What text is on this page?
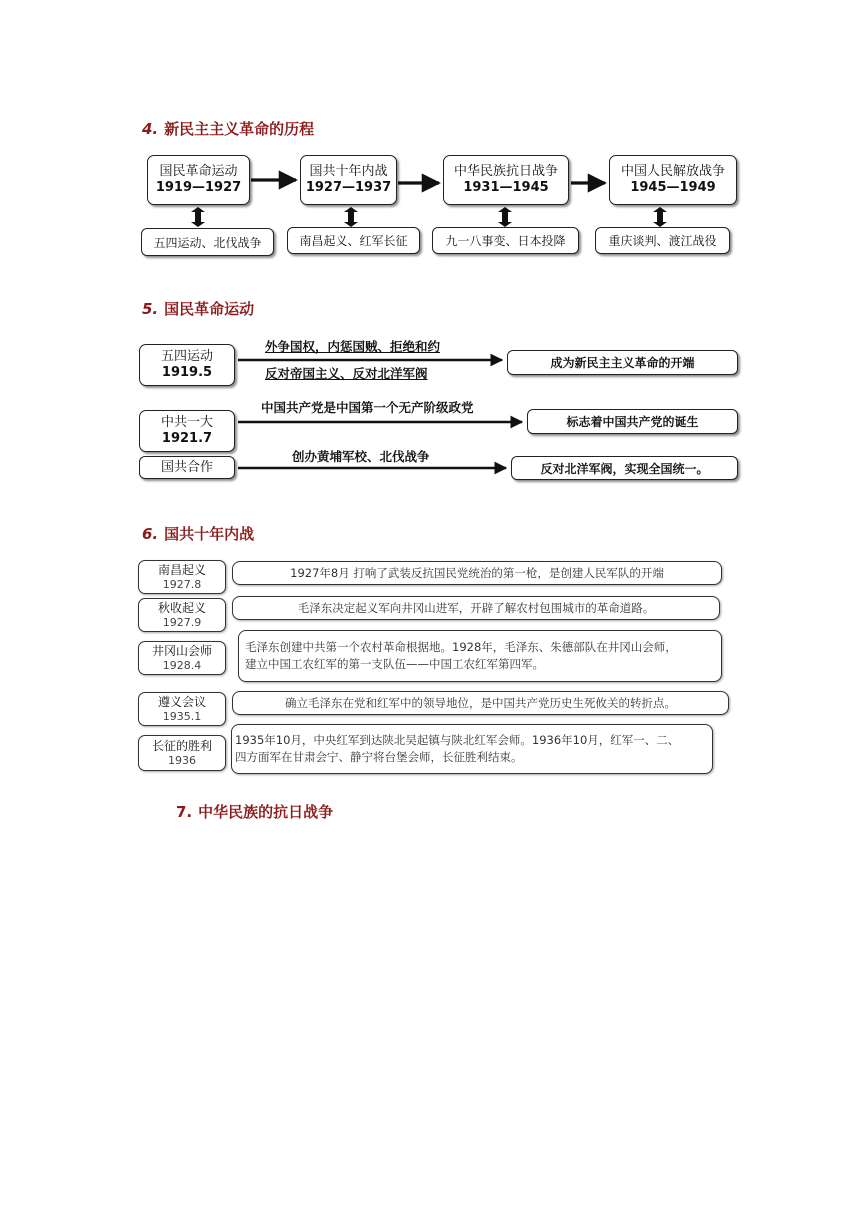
4. 新民主主义革命的历程
国民革命运动
1919—1927
国共十年内战
1927—1937
中华民族抗日战争
1931—1945
中国人民解放战争
1945—1949
五四运动、北伐战争	南昌起义、红军长征	九一八事变、日本投降	重庆谈判、渡江战役
5. 国民革命运动
五四运动
1919.5
外争国权，内惩国贼、拒绝和约
反对帝国主义、反对北洋军阀
成为新民主主义革命的开端
中共一大
1921.7
中国共产党是中国第一个无产阶级政党
标志着中国共产党的诞生
国共合作
创办黄埔军校、北伐战争
反对北洋军阀，实现全国统一。
6. 国共十年内战
南昌起义
1927.8
1927年8月 打响了武装反抗国民党统治的第一枪，是创建人民军队的开端
秋收起义
1927.9
毛泽东决定起义军向井冈山进军，开辟了解农村包围城市的革命道路。
井冈山会师
1928.4
毛泽东创建中共第一个农村革命根据地。1928年，毛泽东、朱德部队在井冈山会师，
建立中国工农红军的第一支队伍——中国工农红军第四军。
遵义会议
1935.1
确立毛泽东在党和红军中的领导地位，是中国共产党历史生死攸关的转折点。
长征的胜利
1936
1935年10月，中央红军到达陕北吴起镇与陕北红军会师。1936年10月，红军一、二、
四方面军在甘肃会宁、静宁将台堡会师，长征胜利结束。
7. 中华民族的抗日战争
